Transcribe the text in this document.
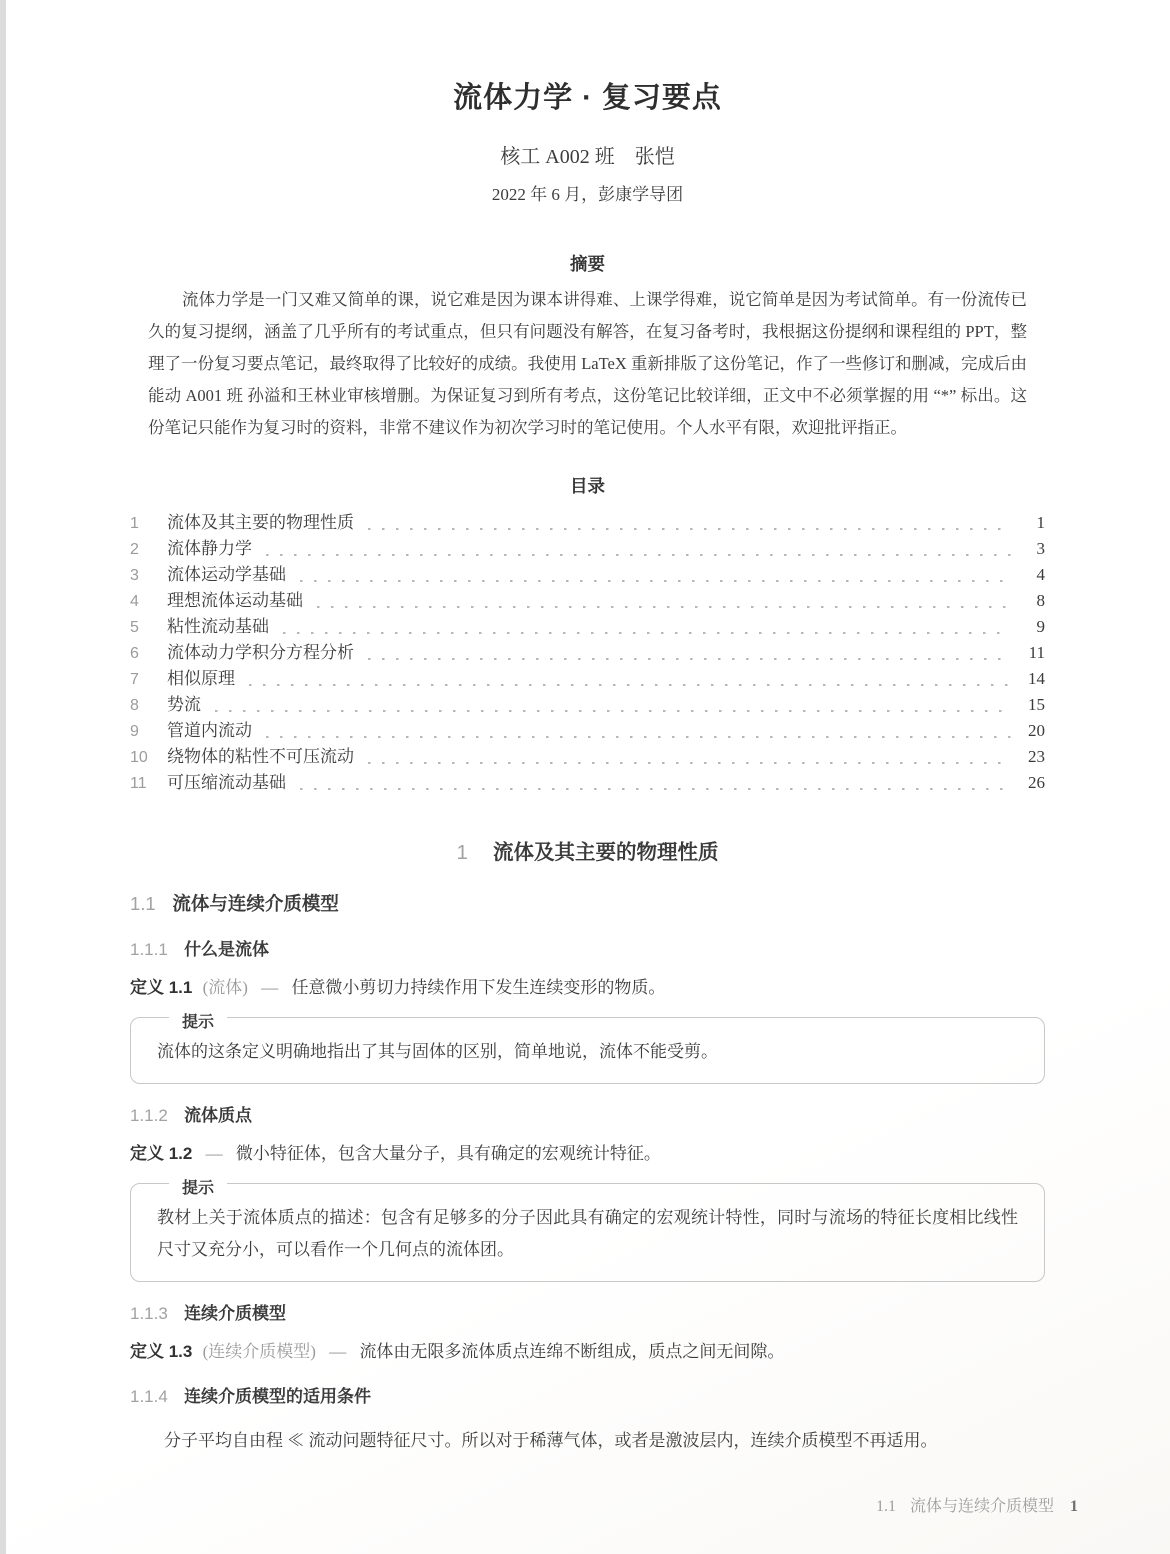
流体力学 · 复习要点
核工 A002 班　张恺
2022 年 6 月，彭康学导团
摘要
流体力学是一门又难又简单的课，说它难是因为课本讲得难、上课学得难，说它简单是因为考试简单。有一份流传已久的复习提纲，涵盖了几乎所有的考试重点，但只有问题没有解答，在复习备考时，我根据这份提纲和课程组的 PPT，整理了一份复习要点笔记，最终取得了比较好的成绩。我使用 LaTeX 重新排版了这份笔记，作了一些修订和删减，完成后由能动 A001 班 孙溢和王林业审核增删。为保证复习到所有考点，这份笔记比较详细，正文中不必须掌握的用 “*” 标出。这份笔记只能作为复习时的资料，非常不建议作为初次学习时的笔记使用。个人水平有限，欢迎批评指正。
目录
1	流体及其主要的物理性质	1
2	流体静力学	3
3	流体运动学基础	4
4	理想流体运动基础	8
5	粘性流动基础	9
6	流体动力学积分方程分析	11
7	相似原理	14
8	势流	15
9	管道内流动	20
10	绕物体的粘性不可压流动	23
11	可压缩流动基础	26
1 流体及其主要的物理性质
1.1 流体与连续介质模型
1.1.1 什么是流体
定义 1.1 (流体) — 任意微小剪切力持续作用下发生连续变形的物质。
提示
流体的这条定义明确地指出了其与固体的区别，简单地说，流体不能受剪。
1.1.2 流体质点
定义 1.2 — 微小特征体，包含大量分子，具有确定的宏观统计特征。
提示
教材上关于流体质点的描述：包含有足够多的分子因此具有确定的宏观统计特性，同时与流场的特征长度相比线性尺寸又充分小，可以看作一个几何点的流体团。
1.1.3 连续介质模型
定义 1.3 (连续介质模型) — 流体由无限多流体质点连绵不断组成，质点之间无间隙。
1.1.4 连续介质模型的适用条件
分子平均自由程 ≪ 流动问题特征尺寸。所以对于稀薄气体，或者是激波层内，连续介质模型不再适用。
1.1 流体与连续介质模型 1
